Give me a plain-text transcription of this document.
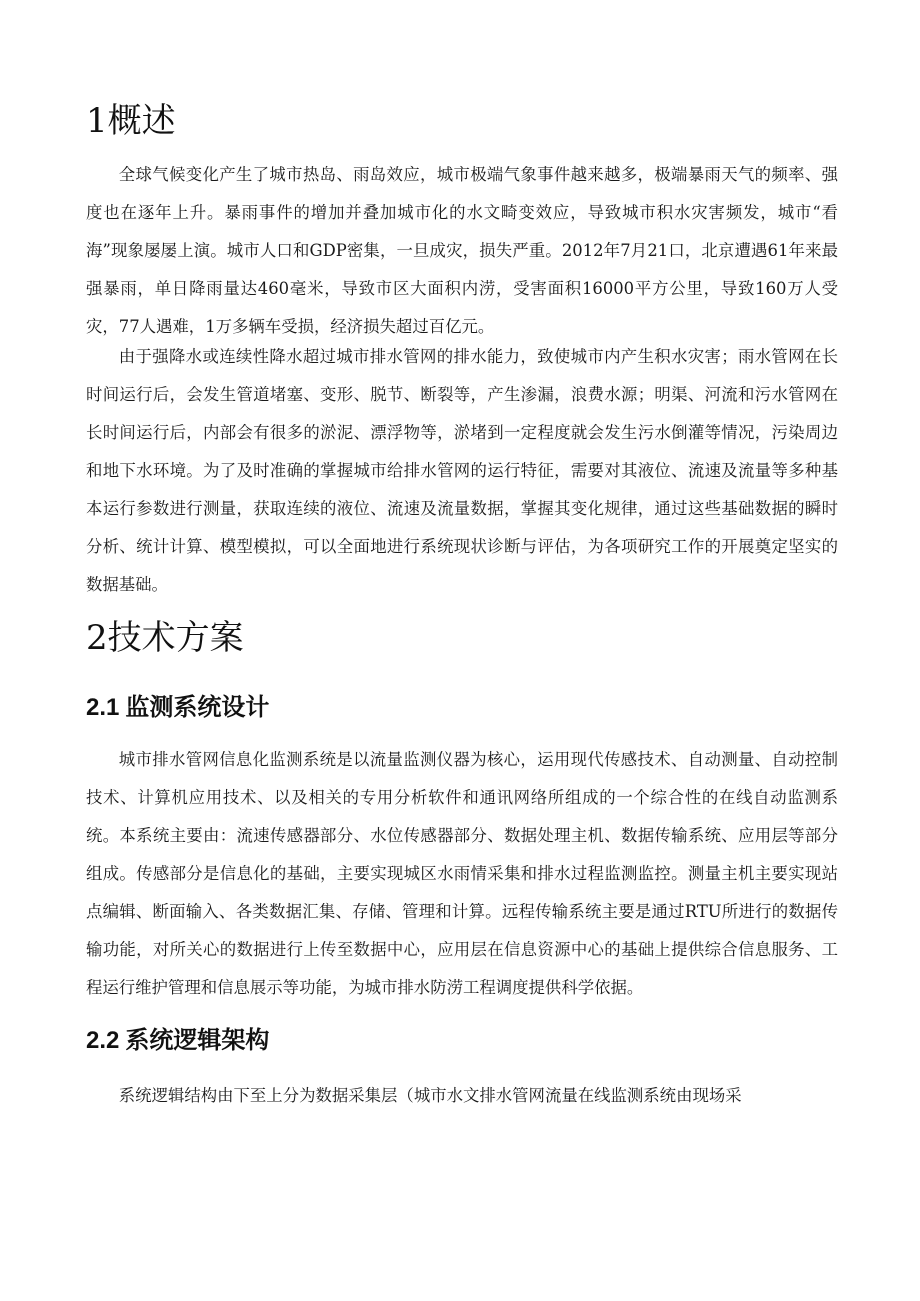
1概述

全球气候变化产生了城市热岛、雨岛效应，城市极端气象事件越来越多，极端暴雨天气的频率、强度也在逐年上升。暴雨事件的增加并叠加城市化的水文畸变效应，导致城市积水灾害频发，城市“看海”现象屡屡上演。城市人口和GDP密集，一旦成灾，损失严重。2012年7月21口，北京遭遇61年来最强暴雨，单日降雨量达460毫米，导致市区大面积内涝，受害面积16000平方公里，导致160万人受灾，77人遇难，1万多辆车受损，经济损失超过百亿元。

由于强降水或连续性降水超过城市排水管网的排水能力，致使城市内产生积水灾害；雨水管网在长时间运行后，会发生管道堵塞、变形、脱节、断裂等，产生渗漏，浪费水源；明渠、河流和污水管网在长时间运行后，内部会有很多的淤泥、漂浮物等，淤堵到一定程度就会发生污水倒灌等情况，污染周边和地下水环境。为了及时准确的掌握城市给排水管网的运行特征，需要对其液位、流速及流量等多种基本运行参数进行测量，获取连续的液位、流速及流量数据，掌握其变化规律，通过这些基础数据的瞬时分析、统计计算、模型模拟，可以全面地进行系统现状诊断与评估，为各项研究工作的开展奠定坚实的数据基础。

2技术方案
2.1 监测系统设计

城市排水管网信息化监测系统是以流量监测仪器为核心，运用现代传感技术、自动测量、自动控制技术、计算机应用技术、以及相关的专用分析软件和通讯网络所组成的一个综合性的在线自动监测系统。本系统主要由：流速传感器部分、水位传感器部分、数据处理主机、数据传输系统、应用层等部分组成。传感部分是信息化的基础，主要实现城区水雨情采集和排水过程监测监控。测量主机主要实现站点编辑、断面输入、各类数据汇集、存储、管理和计算。远程传输系统主要是通过RTU所进行的数据传输功能，对所关心的数据进行上传至数据中心，应用层在信息资源中心的基础上提供综合信息服务、工程运行维护管理和信息展示等功能，为城市排水防涝工程调度提供科学依据。

2.2 系统逻辑架构

系统逻辑结构由下至上分为数据采集层（城市水文排水管网流量在线监测系统由现场采
